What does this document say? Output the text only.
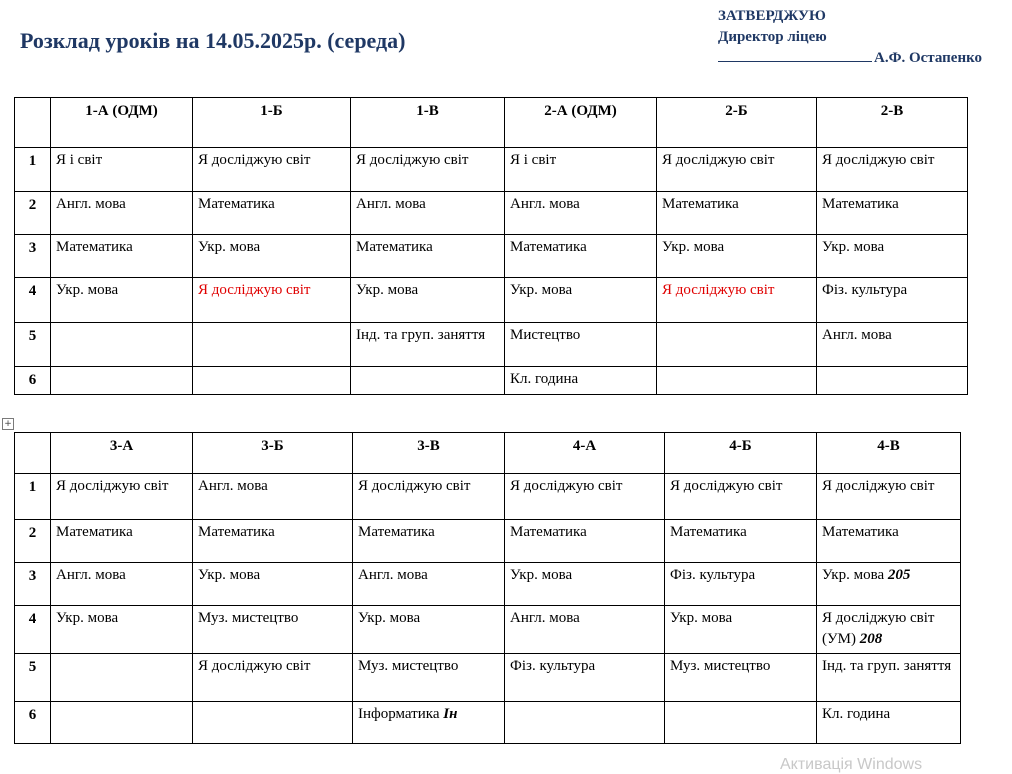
Розклад уроків на 14.05.2025р. (середа)
ЗАТВЕРДЖУЮ
Директор ліцею
А.Ф. Остапенко
	1-А (ОДМ)	1-Б	1-В	2-А (ОДМ)	2-Б	2-В
1	Я і світ	Я досліджую світ	Я досліджую світ	Я і світ	Я досліджую світ	Я досліджую світ
2	Англ. мова	Математика	Англ. мова	Англ. мова	Математика	Математика
3	Математика	Укр. мова	Математика	Математика	Укр. мова	Укр. мова
4	Укр. мова	Я досліджую світ	Укр. мова	Укр. мова	Я досліджую світ	Фіз. культура
5			Інд. та груп. заняття	Мистецтво		Англ. мова
6				Кл. година		
+
	3-А	3-Б	3-В	4-А	4-Б	4-В
1	Я досліджую світ	Англ. мова	Я досліджую світ	Я досліджую світ	Я досліджую світ	Я досліджую світ
2	Математика	Математика	Математика	Математика	Математика	Математика
3	Англ. мова	Укр. мова	Англ. мова	Укр. мова	Фіз. культура	Укр. мова 205
4	Укр. мова	Муз. мистецтво	Укр. мова	Англ. мова	Укр. мова	Я досліджую світ (УМ) 208
5		Я досліджую світ	Муз. мистецтво	Фіз. культура	Муз. мистецтво	Інд. та груп. заняття
6			Інформатика Ін			Кл. година
Активація Windows
